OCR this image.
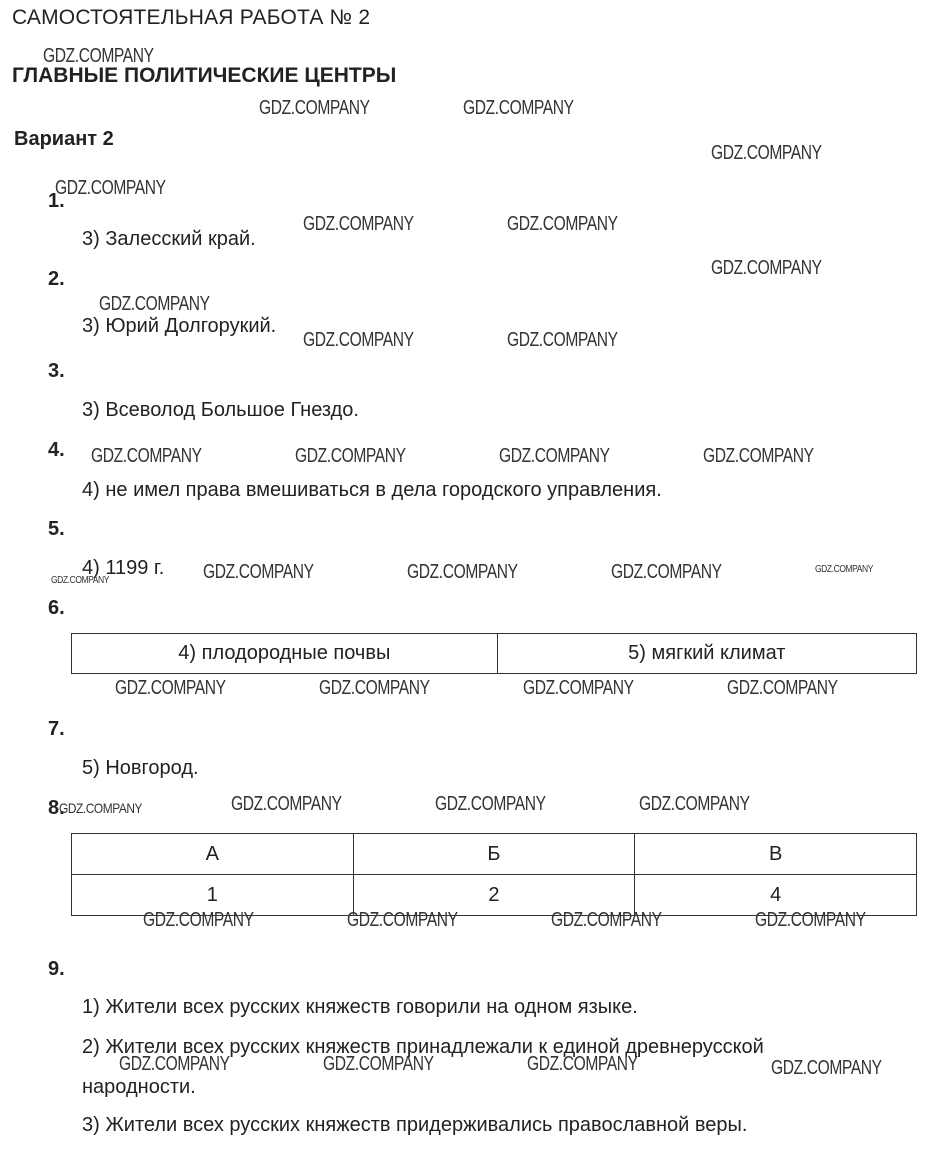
САМОСТОЯТЕЛЬНАЯ РАБОТА № 2
ГЛАВНЫЕ ПОЛИТИЧЕСКИЕ ЦЕНТРЫ
Вариант 2
1.
3) Залесский край.
2.
3) Юрий Долгорукий.
3.
3) Всеволод Большое Гнездо.
4.
4) не имел права вмешиваться в дела городского управления.
5.
4) 1199 г.
6.
4) плодородные почвы	5) мягкий климат
7.
5) Новгород.
8.
А	Б	В
1	2	4
9.
1) Жители всех русских княжеств говорили на одном языке.
2) Жители всех русских княжеств принадлежали к единой древнерусской
народности.
3) Жители всех русских княжеств придерживались православной веры.
GDZ.COMPANY
GDZ.COMPANY	GDZ.COMPANY
GDZ.COMPANY
GDZ.COMPANY
GDZ.COMPANY	GDZ.COMPANY
GDZ.COMPANY
GDZ.COMPANY
GDZ.COMPANY	GDZ.COMPANY
GDZ.COMPANY	GDZ.COMPANY	GDZ.COMPANY	GDZ.COMPANY
GDZ.COMPANY	GDZ.COMPANY	GDZ.COMPANY	GDZ.COMPANY	GDZ.COMPANY
GDZ.COMPANY	GDZ.COMPANY	GDZ.COMPANY	GDZ.COMPANY
GDZ.COMPANY	GDZ.COMPANY	GDZ.COMPANY	GDZ.COMPANY
GDZ.COMPANY	GDZ.COMPANY	GDZ.COMPANY	GDZ.COMPANY
GDZ.COMPANY	GDZ.COMPANY	GDZ.COMPANY	GDZ.COMPANY
